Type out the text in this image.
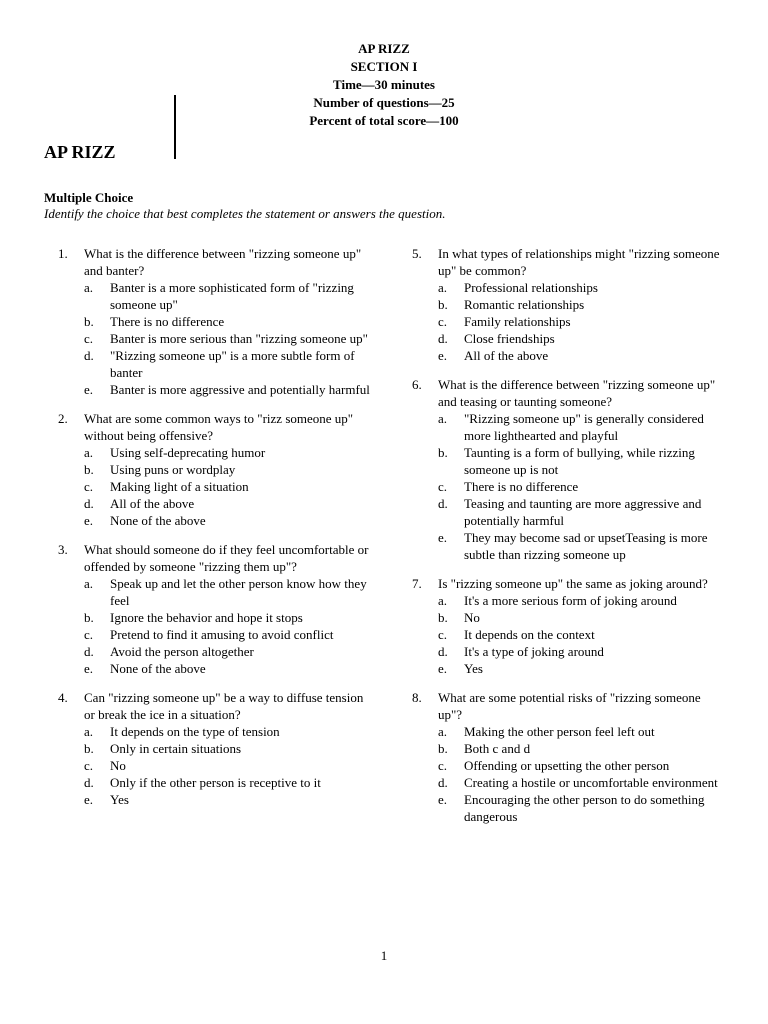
AP RIZZ
SECTION I
Time—30 minutes
Number of questions—25
Percent of total score—100
AP RIZZ
Multiple Choice
Identify the choice that best completes the statement or answers the question.
1.	What is the difference between "rizzing someone up" and banter?
a.	Banter is a more sophisticated form of "rizzing someone up"
b.	There is no difference
c.	Banter is more serious than "rizzing someone up"
d.	"Rizzing someone up" is a more subtle form of banter
e.	Banter is more aggressive and potentially harmful
2.	What are some common ways to "rizz someone up" without being offensive?
a.	Using self-deprecating humor
b.	Using puns or wordplay
c.	Making light of a situation
d.	All of the above
e.	None of the above
3.	What should someone do if they feel uncomfortable or offended by someone "rizzing them up"?
a.	Speak up and let the other person know how they feel
b.	Ignore the behavior and hope it stops
c.	Pretend to find it amusing to avoid conflict
d.	Avoid the person altogether
e.	None of the above
4.	Can "rizzing someone up" be a way to diffuse tension or break the ice in a situation?
a.	It depends on the type of tension
b.	Only in certain situations
c.	No
d.	Only if the other person is receptive to it
e.	Yes
5.	In what types of relationships might "rizzing someone up" be common?
a.	Professional relationships
b.	Romantic relationships
c.	Family relationships
d.	Close friendships
e.	All of the above
6.	What is the difference between "rizzing someone up" and teasing or taunting someone?
a.	"Rizzing someone up" is generally considered more lighthearted and playful
b.	Taunting is a form of bullying, while rizzing someone up is not
c.	There is no difference
d.	Teasing and taunting are more aggressive and potentially harmful
e.	They may become sad or upsetTeasing is more subtle than rizzing someone up
7.	Is "rizzing someone up" the same as joking around?
a.	It's a more serious form of joking around
b.	No
c.	It depends on the context
d.	It's a type of joking around
e.	Yes
8.	What are some potential risks of "rizzing someone up"?
a.	Making the other person feel left out
b.	Both c and d
c.	Offending or upsetting the other person
d.	Creating a hostile or uncomfortable environment
e.	Encouraging the other person to do something dangerous
1
